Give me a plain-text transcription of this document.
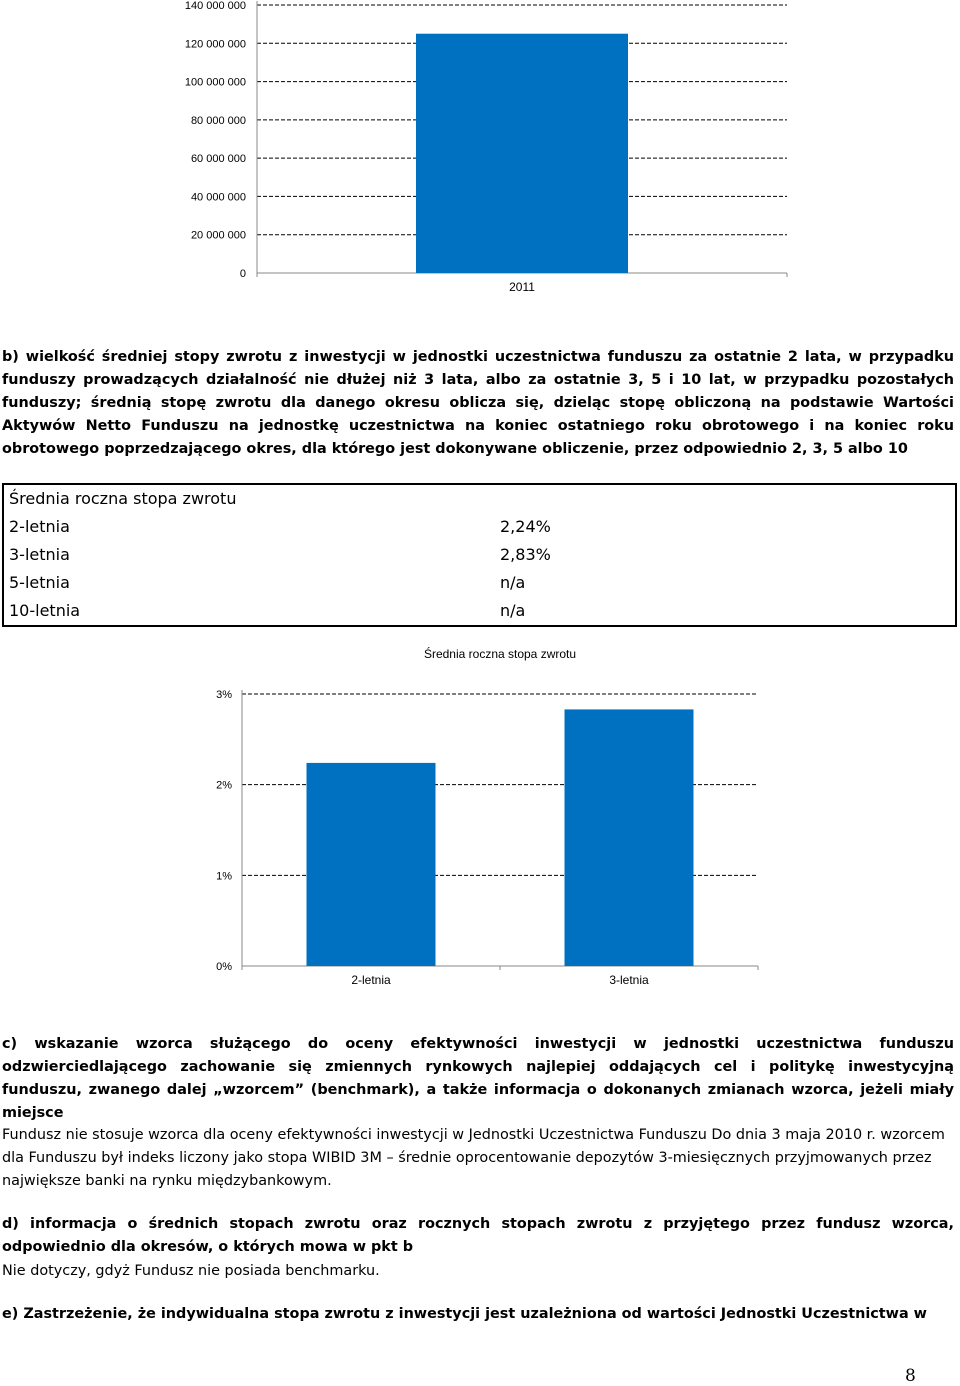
0
20 000 000
40 000 000
60 000 000
80 000 000
100 000 000
120 000 000
140 000 000
2011

b) wielkość średniej stopy zwrotu z inwestycji w jednostki uczestnictwa funduszu za ostatnie 2 lata, w przypadku funduszy prowadzących działalność nie dłużej niż 3 lata, albo za ostatnie 3, 5 i 10 lat, w przypadku pozostałych funduszy; średnią stopę zwrotu dla danego okresu oblicza się, dzieląc stopę obliczoną na podstawie Wartości Aktywów Netto Funduszu na jednostkę uczestnictwa na koniec ostatniego roku obrotowego i na koniec roku obrotowego poprzedzającego okres, dla którego jest dokonywane obliczenie, przez odpowiednio 2, 3, 5 albo 10

Średnia roczna stopa zwrotu	
2-letnia	2,24%
3-letnia	2,83%
5-letnia	n/a
10-letnia	n/a
Średnia roczna stopa zwrotu
0%
1%
2%
3%
2-letnia	3-letnia

c) wskazanie wzorca służącego do oceny efektywności inwestycji w jednostki uczestnictwa funduszu odzwierciedlającego zachowanie się zmiennych rynkowych najlepiej oddających cel i politykę inwestycyjną funduszu, zwanego dalej „wzorcem” (benchmark), a także informacja o dokonanych zmianach wzorca, jeżeli miały miejsce

Fundusz nie stosuje wzorca dla oceny efektywności inwestycji w Jednostki Uczestnictwa Funduszu Do dnia 3 maja 2010 r. wzorcem dla Funduszu był indeks liczony jako stopa WIBID 3M – średnie oprocentowanie depozytów 3-miesięcznych przyjmowanych przez największe banki na rynku międzybankowym.

d) informacja o średnich stopach zwrotu oraz rocznych stopach zwrotu z przyjętego przez fundusz wzorca, odpowiednio dla okresów, o których mowa w pkt b

Nie dotyczy, gdyż Fundusz nie posiada benchmarku.

e) Zastrzeżenie, że indywidualna stopa zwrotu z inwestycji jest uzależniona od wartości Jednostki Uczestnictwa w

8
